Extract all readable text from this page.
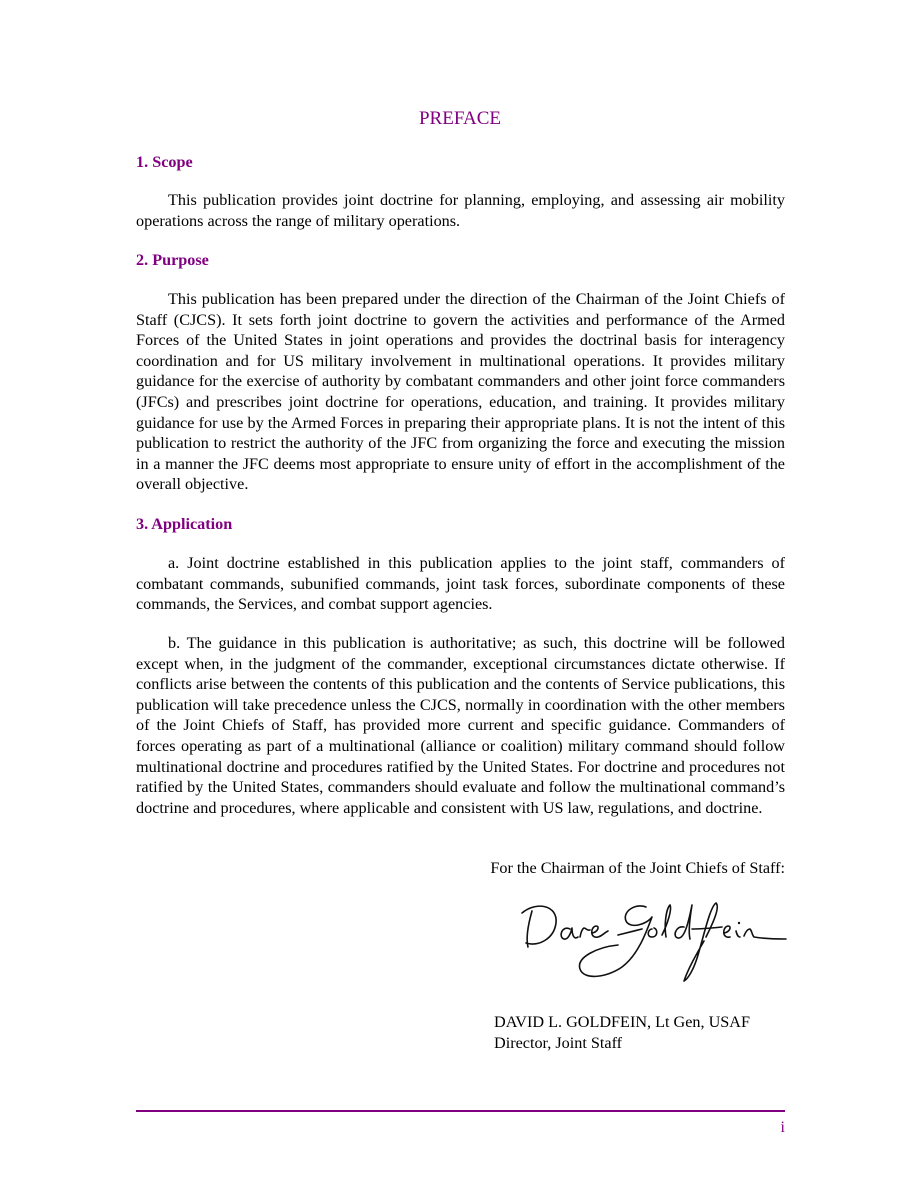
PREFACE
1. Scope
This publication provides joint doctrine for planning, employing, and assessing air mobility operations across the range of military operations.
2. Purpose
This publication has been prepared under the direction of the Chairman of the Joint Chiefs of Staff (CJCS). It sets forth joint doctrine to govern the activities and performance of the Armed Forces of the United States in joint operations and provides the doctrinal basis for interagency coordination and for US military involvement in multinational operations. It provides military guidance for the exercise of authority by combatant commanders and other joint force commanders (JFCs) and prescribes joint doctrine for operations, education, and training. It provides military guidance for use by the Armed Forces in preparing their appropriate plans. It is not the intent of this publication to restrict the authority of the JFC from organizing the force and executing the mission in a manner the JFC deems most appropriate to ensure unity of effort in the accomplishment of the overall objective.
3. Application
a. Joint doctrine established in this publication applies to the joint staff, commanders of combatant commands, subunified commands, joint task forces, subordinate components of these commands, the Services, and combat support agencies.
b. The guidance in this publication is authoritative; as such, this doctrine will be followed except when, in the judgment of the commander, exceptional circumstances dictate otherwise. If conflicts arise between the contents of this publication and the contents of Service publications, this publication will take precedence unless the CJCS, normally in coordination with the other members of the Joint Chiefs of Staff, has provided more current and specific guidance. Commanders of forces operating as part of a multinational (alliance or coalition) military command should follow multinational doctrine and procedures ratified by the United States. For doctrine and procedures not ratified by the United States, commanders should evaluate and follow the multinational command’s doctrine and procedures, where applicable and consistent with US law, regulations, and doctrine.
For the Chairman of the Joint Chiefs of Staff:
DAVID L. GOLDFEIN, Lt Gen, USAF
Director, Joint Staff
i
